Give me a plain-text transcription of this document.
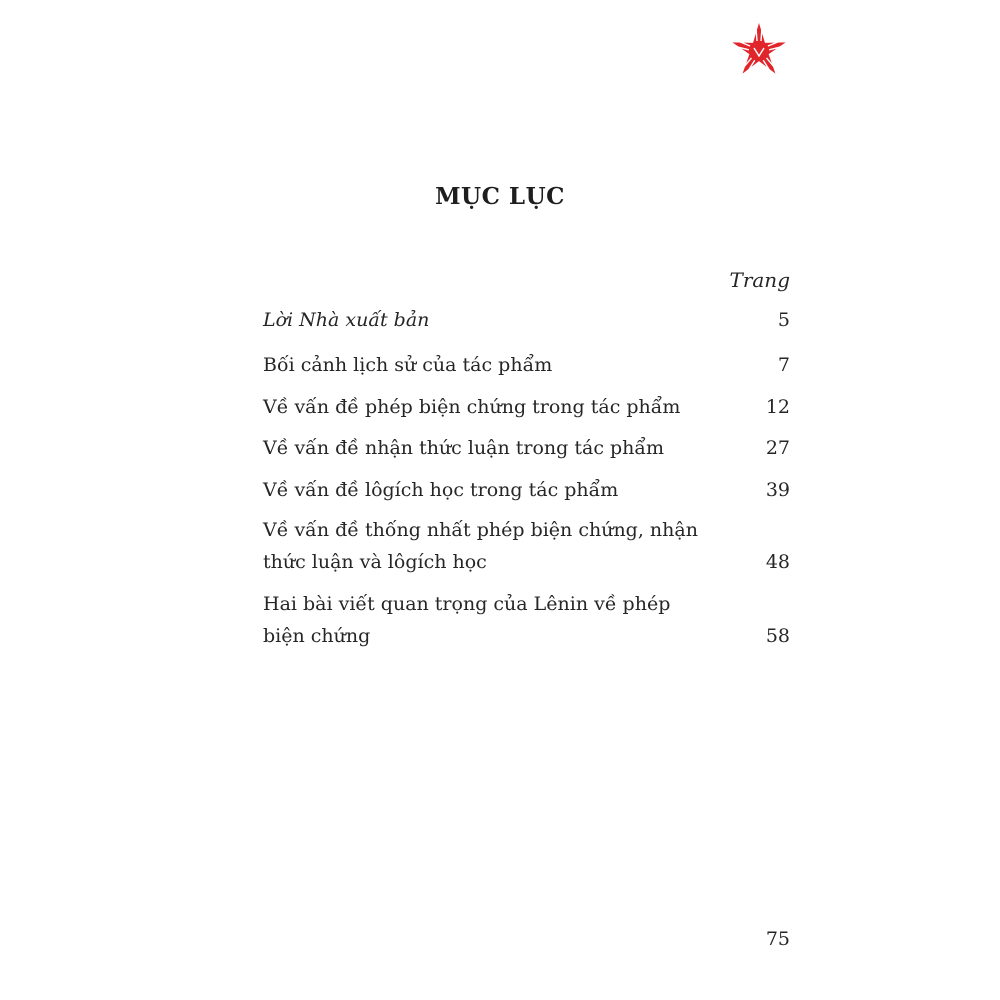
MỤC LỤC
Trang
Lời Nhà xuất bản	5
Bối cảnh lịch sử của tác phẩm	7
Về vấn đề phép biện chứng trong tác phẩm	12
Về vấn đề nhận thức luận trong tác phẩm	27
Về vấn đề lôgích học trong tác phẩm	39
Về vấn đề thống nhất phép biện chứng, nhận thức luận và lôgích học	48
Hai bài viết quan trọng của Lênin về phép biện chứng	58
75
